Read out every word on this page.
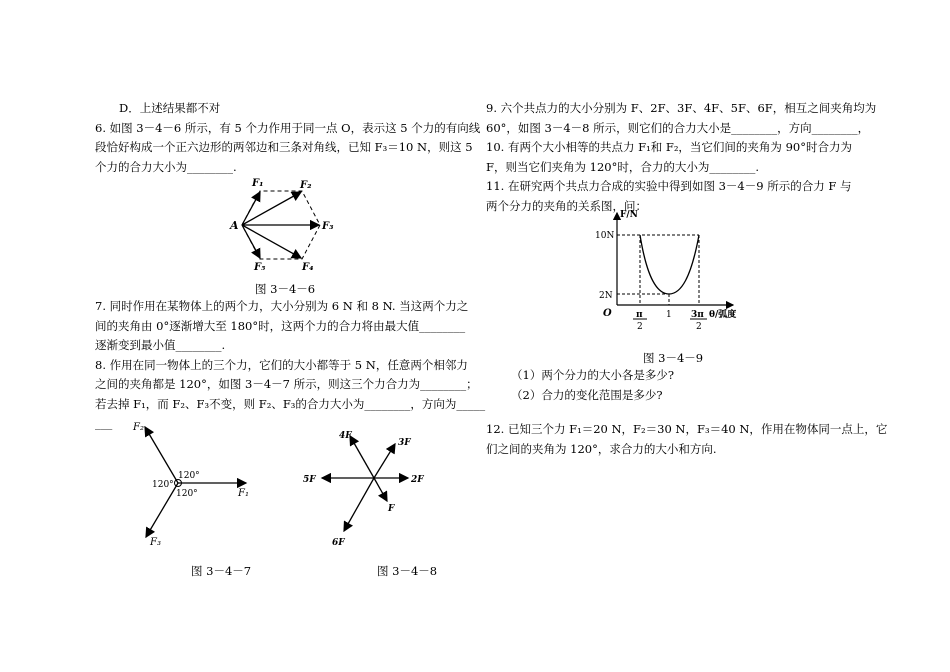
D．上述结果都不对

6. 如图 3－4－6 所示，有 5 个力作用于同一点 O，表示这 5 个力的有向线

段恰好构成一个正六边形的两邻边和三条对角线，已知 F₃＝10 N，则这 5

个力的合力大小为________.

A
F₁	F₂
F₃
F₄
F₅
图 3－4－6

7. 同时作用在某物体上的两个力，大小分别为 6 N 和 8 N. 当这两个力之

间的夹角由 0°逐渐增大至 180°时，这两个力的合力将由最大值________

逐渐变到最小值________.

8. 作用在同一物体上的三个力，它们的大小都等于 5 N，任意两个相邻力

之间的夹角都是 120°，如图 3－4－7 所示，则这三个力合力为________；

若去掉 F₁，而 F₂、F₃不变，则 F₂、F₃的合力大小为________，方向为_____

___	F₂
F₁
F₃
120°
120°
120°
图 3－4－7
4F
3F
5F	2F
F
6F
图 3－4－8

9. 六个共点力的大小分别为 F、2F、3F、4F、5F、6F，相互之间夹角均为

60°，如图 3－4－8 所示，则它们的合力大小是________，方向________，

10. 有两个大小相等的共点力 F₁和 F₂，当它们间的夹角为 90°时合力为

F，则当它们夹角为 120°时，合力的大小为________.

11. 在研究两个共点力合成的实验中得到如图 3－4－9 所示的合力 F 与

两个分力的夹角的关系图，问：

F/N
10N
2N
O	π
2
1 3π
2
θ/弧度
图 3－4－9

（1）两个分力的大小各是多少?

（2）合力的变化范围是多少?

12. 已知三个力 F₁＝20 N，F₂＝30 N，F₃＝40 N，作用在物体同一点上，它

们之间的夹角为 120°，求合力的大小和方向.
